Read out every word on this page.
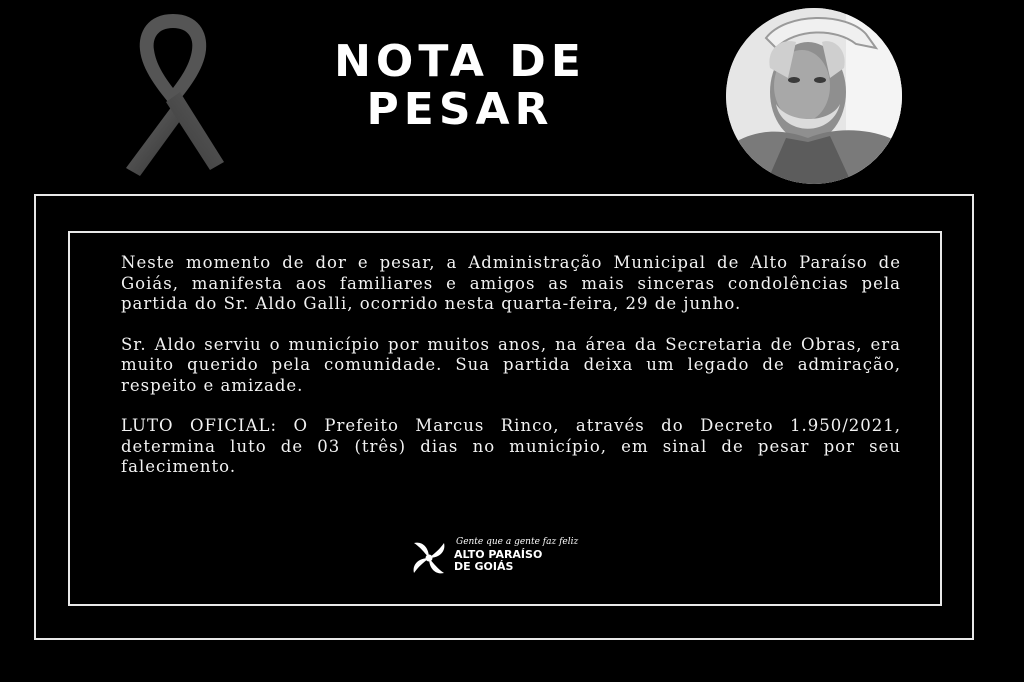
NOTA DE
PESAR

Neste momento de dor e pesar, a Administração Municipal de Alto Paraíso de Goiás, manifesta aos familiares e amigos as mais sinceras condolências pela partida do Sr. Aldo Galli, ocorrido nesta quarta-feira, 29 de junho.

Sr. Aldo serviu o município por muitos anos, na área da Secretaria de Obras, era muito querido pela comunidade. Sua partida deixa um legado de admiração, respeito e amizade.

LUTO OFICIAL: O Prefeito Marcus Rinco, através do Decreto 1.950/2021, determina luto de 03 (três) dias no município, em sinal de pesar por seu falecimento.

Gente que a gente faz feliz
ALTO PARAÍSO
DE GOIÁS
